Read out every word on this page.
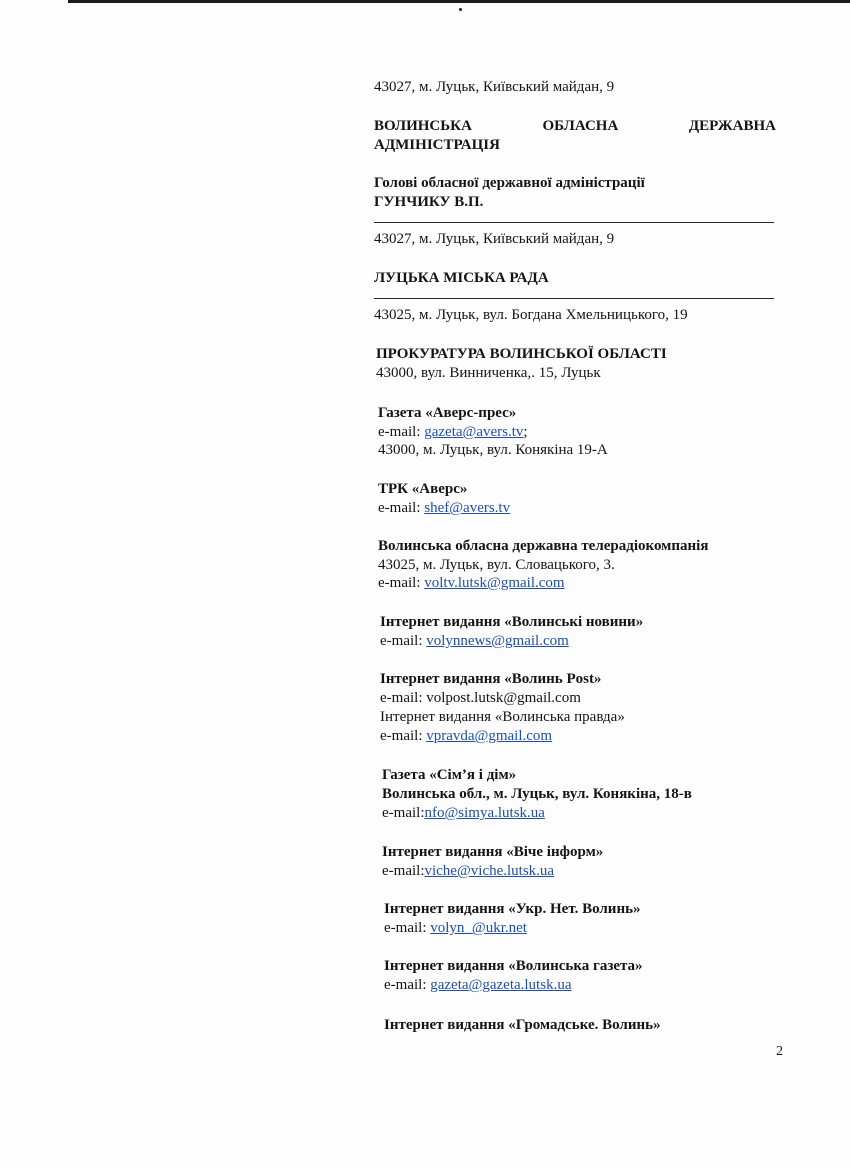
43027, м. Луцьк, Київський майдан, 9
ВОЛИНСЬКА	ОБЛАСНА	ДЕРЖАВНА
АДМІНІСТРАЦІЯ
Голові обласної державної адміністрації
ГУНЧИКУ В.П.
43027, м. Луцьк, Київський майдан, 9
ЛУЦЬКА МІСЬКА РАДА
43025, м. Луцьк, вул. Богдана Хмельницького, 19
ПРОКУРАТУРА ВОЛИНСЬКОЇ ОБЛАСТІ
43000, вул. Винниченка,. 15, Луцьк
Газета «Аверс-прес»
e-mail: gazeta@avers.tv;
43000, м. Луцьк, вул. Конякіна 19-А
ТРК «Аверс»
e-mail: shef@avers.tv
Волинська обласна державна телерадіокомпанія
43025, м. Луцьк, вул. Словацького, 3.
e-mail: voltv.lutsk@gmail.com
Інтернет видання «Волинські новини»
e-mail: volynnews@gmail.com
Інтернет видання «Волинь Post»
e-mail: volpost.lutsk@gmail.com
Інтернет видання «Волинська правда»
e-mail: vpravda@gmail.com
Газета «Сім’я і дім»
Волинська обл., м. Луцьк, вул. Конякіна, 18-в
e-mail:nfo@simya.lutsk.ua
Інтернет видання «Віче інформ»
e-mail:viche@viche.lutsk.ua
Інтернет видання «Укр. Нет. Волинь»
e-mail: volyn_@ukr.net
Інтернет видання «Волинська газета»
e-mail: gazeta@gazeta.lutsk.ua
Інтернет видання «Громадське. Волинь»
2
